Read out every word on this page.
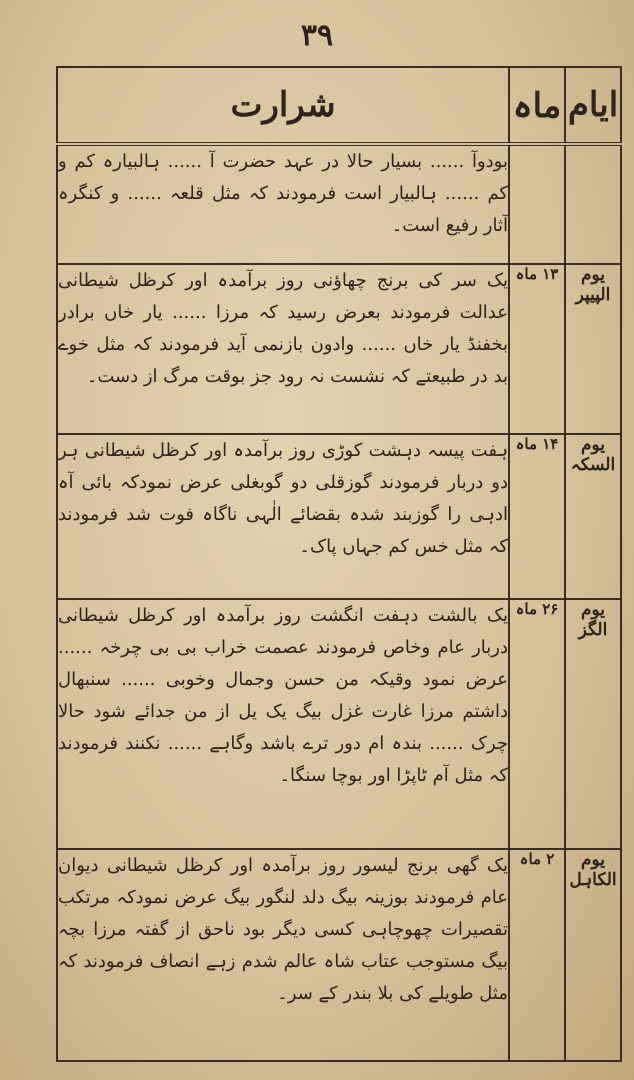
۳۹
ایام	ماہ	شرارت

		بودوآ ...... بسیار حالا در عہد حضرت آ ...... ہالبیارہ کم و کم ...... ہالبیار است فرمودند کہ مثل قلعہ ...... و کنگرہ آثار رفیع است۔

یوم الپیپر	۱۳ ماہ	یک سر کی برنج چھاؤنی روز برآمدہ اور کرظل شیطانی عدالت فرمودند بعرض رسید کہ مرزا ...... یار خاں برادر بخفنڈ یار خاں ...... وادون بازنمی آید فرمودند کہ مثل خوے بد در طبیعتے کہ نشست نہ رود جز بوقت مرگ از دست۔

یوم السکہ	۱۴ ماہ	ہفت پیسہ دہشت کوڑی روز برآمدہ اور کرظل شیطانی ہر دو دربار فرمودند گوزقلی دو گوبغلی عرض نمودکہ بائی آہ ادہی را گوزبند شدہ بقضائے الٰہی ناگاہ فوت شد فرمودند کہ مثل خس کم جہاں پاک۔

یوم الگز	۲۶ ماہ	یک بالشت دہفت انگشت روز برآمدہ اور کرظل شیطانی دربار عام وخاص فرمودند عصمت خراب بی بی چرخہ ...... عرض نمود وقیکہ من حسن وجمال وخوبی ...... سنبھال داشتم مرزا غارت غزل بیگ یک یل از من جدائے شود حالا چرک ...... بندہ ام دور ترے باشد وگاہے ...... نکنند فرمودند کہ مثل آم ٹاپڑا اور بوچا سنگا۔

یوم الکاہل	۲ ماہ	یک گھی برنج لیسور روز برآمدہ اور کرظل شیطانی دیوان عام فرمودند بوزینہ بیگ دلد لنگور بیگ عرض نمودکہ مرتکب تقصیرات چھوچاہی کسی دیگر بود ناحق از گفتہ مرزا بچہ بیگ مستوجب عتاب شاہ عالم شدم زہے انصاف فرمودند کہ مثل طویلے کی بلا بندر کے سر۔
